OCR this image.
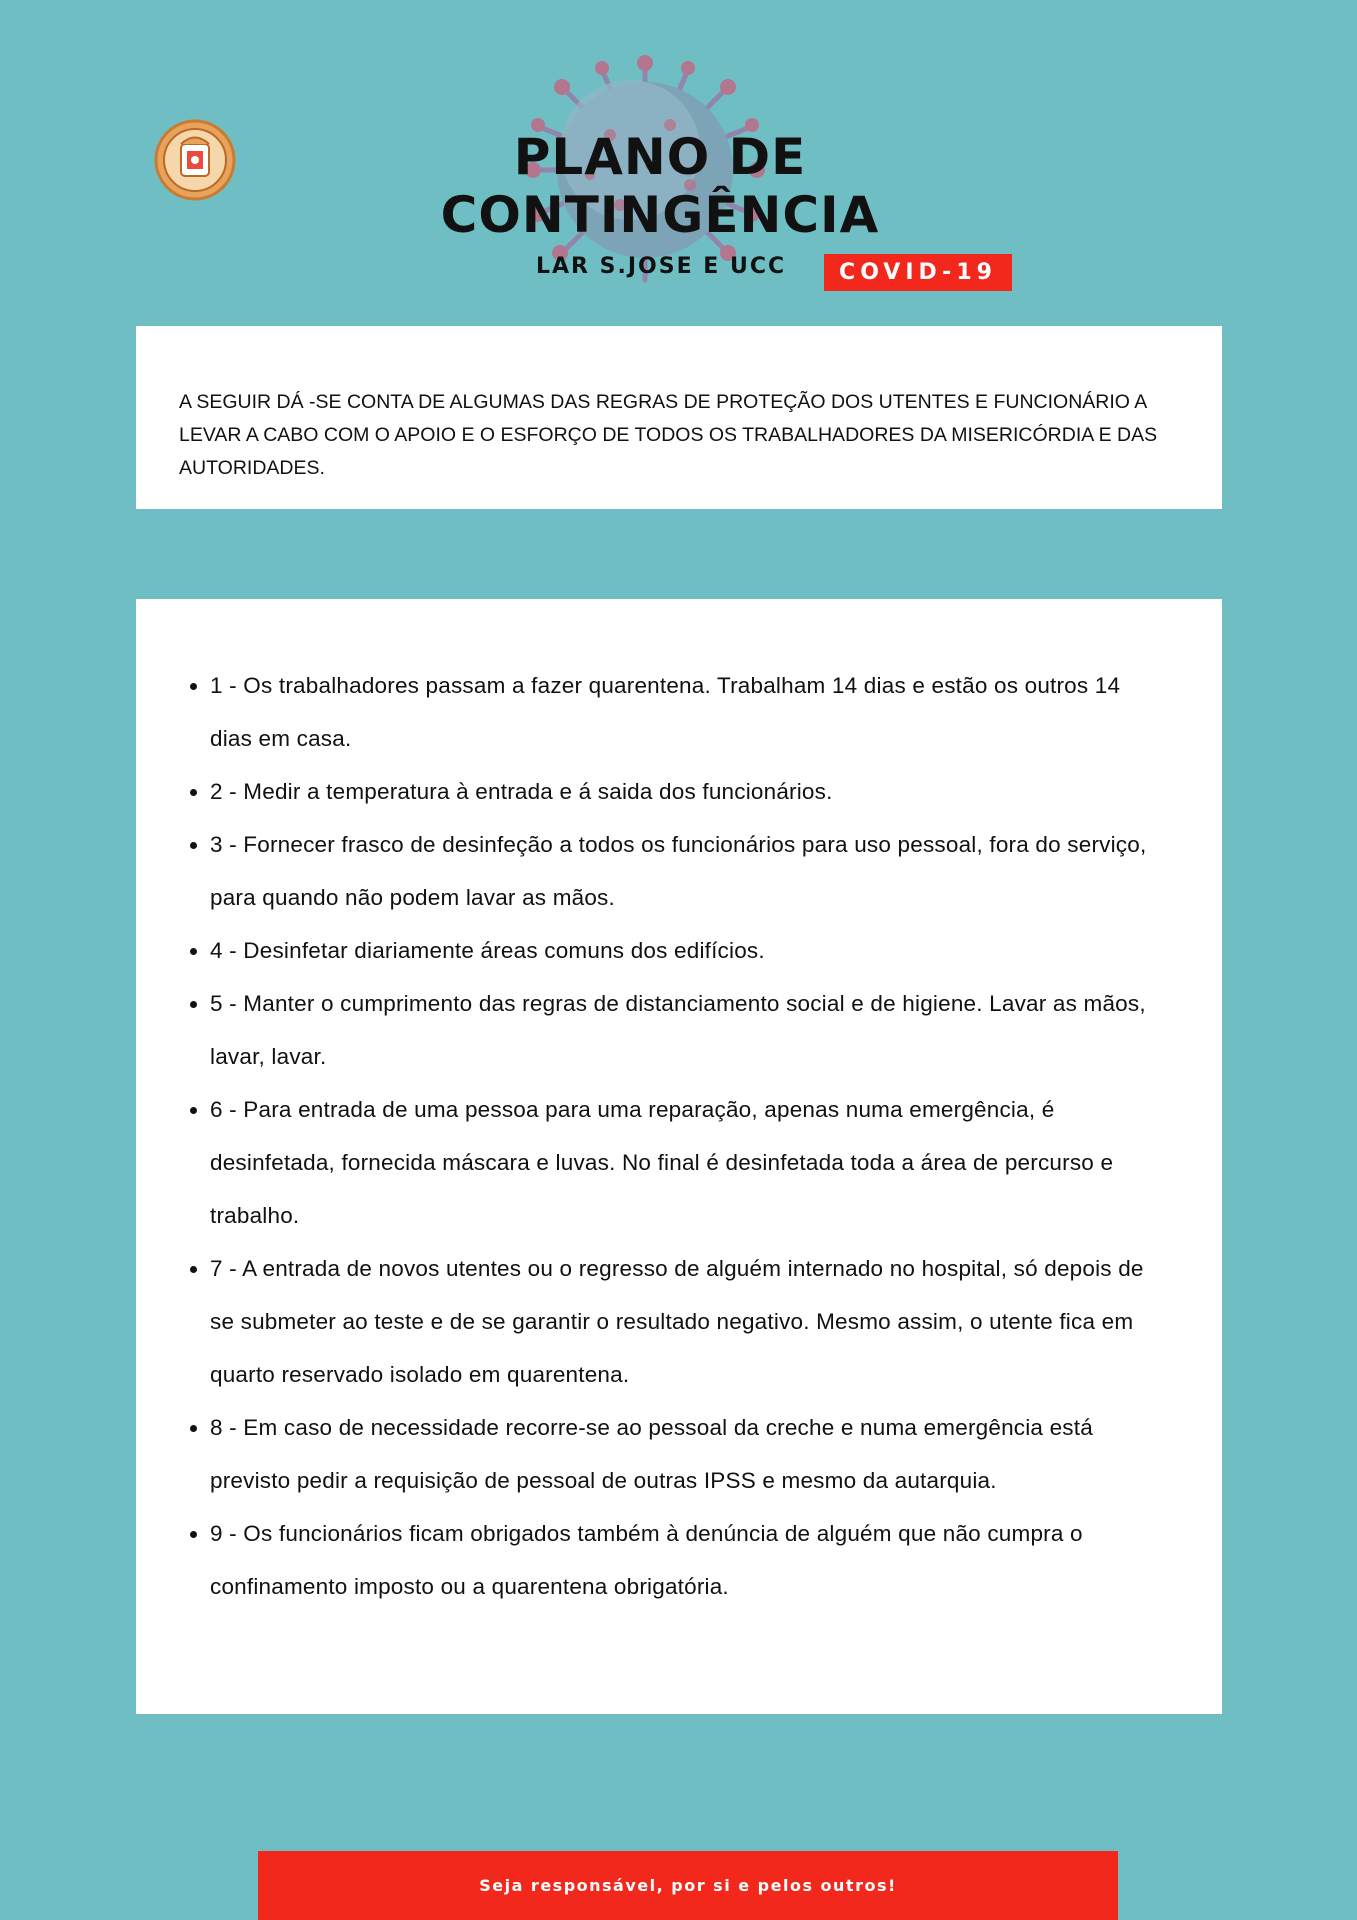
PLANO DE
CONTINGÊNCIA
LAR S.JOSE E UCC	COVID-19

A SEGUIR DÁ -SE CONTA DE ALGUMAS DAS REGRAS DE PROTEÇÃO DOS UTENTES E FUNCIONÁRIO A LEVAR A CABO COM O APOIO E O ESFORÇO DE TODOS OS TRABALHADORES DA MISERICÓRDIA E DAS AUTORIDADES.

• 1 - Os trabalhadores passam a fazer quarentena. Trabalham 14 dias e estão os outros 14 dias em casa.
• 2 - Medir a temperatura à entrada e á saida dos funcionários.
• 3 - Fornecer frasco de desinfeção a todos os funcionários para uso pessoal, fora do serviço, para quando não podem lavar as mãos.
• 4 - Desinfetar diariamente áreas comuns dos edifícios.
• 5 - Manter o cumprimento das regras de distanciamento social e de higiene. Lavar as mãos, lavar, lavar.
• 6 - Para entrada de uma pessoa para uma reparação, apenas numa emergência, é desinfetada, fornecida máscara e luvas. No final é desinfetada toda a área de percurso e trabalho.
• 7 - A entrada de novos utentes ou o regresso de alguém internado no hospital, só depois de se submeter ao teste e de se garantir o resultado negativo. Mesmo assim, o utente fica em quarto reservado isolado em quarentena.
• 8 - Em caso de necessidade recorre-se ao pessoal da creche e numa emergência está previsto pedir a requisição de pessoal de outras IPSS e mesmo da autarquia.
• 9 - Os funcionários ficam obrigados também à denúncia de alguém que não cumpra o confinamento imposto ou a quarentena obrigatória.
Seja responsável, por si e pelos outros!
